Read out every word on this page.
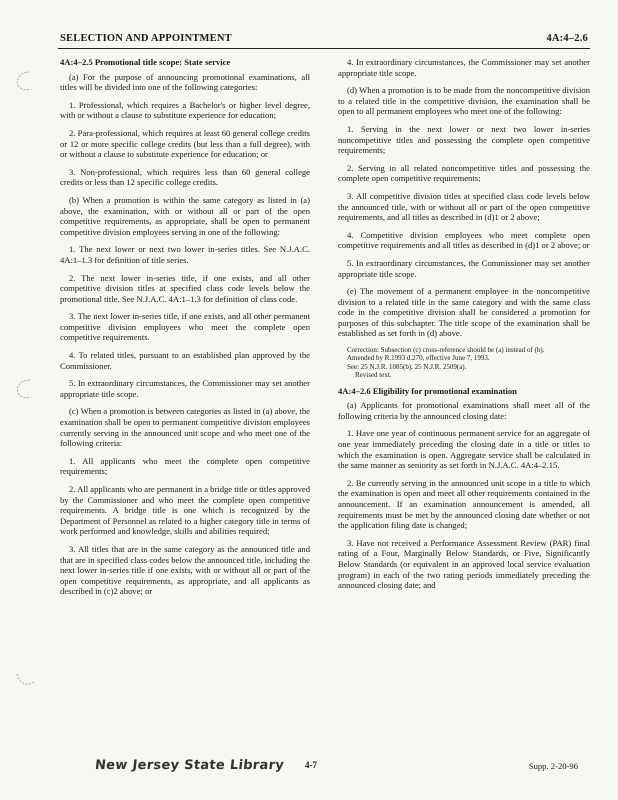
SELECTION AND APPOINTMENT	4A:4–2.6

4A:4–2.5 Promotional title scope: State service

(a) For the purpose of announcing promotional examinations, all titles will be divided into one of the following categories:

1. Professional, which requires a Bachelor's or higher level degree, with or without a clause to substitute experience for education;

2. Para-professional, which requires at least 60 general college credits or 12 or more specific college credits (but less than a full degree), with or without a clause to substitute experience for education; or

3. Non-professional, which requires less than 60 general college credits or less than 12 specific college credits.

(b) When a promotion is within the same category as listed in (a) above, the examination, with or without all or part of the open competitive requirements, as appropriate, shall be open to permanent competitive division employees serving in one of the following:

1. The next lower or next two lower in-series titles. See N.J.A.C. 4A:1–1.3 for definition of title series.

2. The next lower in-series title, if one exists, and all other competitive division titles at specified class code levels below the promotional title. See N.J.A.C. 4A:1–1.3 for definition of class code.

3. The next lower in-series title, if one exists, and all other permanent competitive division employees who meet the complete open competitive requirements.

4. To related titles, pursuant to an established plan approved by the Commissioner.

5. In extraordinary circumstances, the Commissioner may set another appropriate title scope.

(c) When a promotion is between categories as listed in (a) above, the examination shall be open to permanent competitive division employees currently serving in the announced unit scope and who meet one of the following criteria:

1. All applicants who meet the complete open competitive requirements;

2. All applicants who are permanent in a bridge title or titles approved by the Commissioner and who meet the complete open competitive requirements. A bridge title is one which is recognized by the Department of Personnel as related to a higher category title in terms of work performed and knowledge, skills and abilities required;

3. All titles that are in the same category as the announced title and that are in specified class codes below the announced title, including the next lower in-series title if one exists, with or without all or part of the open competitive requirements, as appropriate, and all applicants as described in (c)2 above; or

4. In extraordinary circumstances, the Commissioner may set another appropriate title scope.

(d) When a promotion is to be made from the noncompetitive division to a related title in the competitive division, the examination shall be open to all permanent employees who meet one of the following:

1. Serving in the next lower or next two lower in-series noncompetitive titles and possessing the complete open competitive requirements;

2. Serving in all related noncompetitive titles and possessing the complete open competitive requirements;

3. All competitive division titles at specified class code levels below the announced title, with or without all or part of the open competitive requirements, and all titles as described in (d)1 or 2 above;

4. Competitive division employees who meet complete open competitive requirements and all titles as described in (d)1 or 2 above; or

5. In extraordinary circumstances, the Commissioner may set another appropriate title scope.

(e) The movement of a permanent employee in the noncompetitive division to a related title in the same category and with the same class code in the competitive division shall be considered a promotion for purposes of this subchapter. The title scope of the examination shall be established as set forth in (d) above.

Correction: Subsection (c) cross-reference should be (a) instead of (b).
Amended by R.1993 d.270, effective June 7, 1993.
See: 25 N.J.R. 1085(b), 25 N.J.R. 2509(a).

Revised text.

4A:4–2.6 Eligibility for promotional examination

(a) Applicants for promotional examinations shall meet all of the following criteria by the announced closing date:

1. Have one year of continuous permanent service for an aggregate of one year immediately preceding the closing date in a title or titles to which the examination is open. Aggregate service shall be calculated in the same manner as seniority as set forth in N.J.A.C. 4A:4–2.15.

2. Be currently serving in the announced unit scope in a title to which the examination is open and meet all other requirements contained in the announcement. If an examination announcement is amended, all requirements must be met by the announced closing date whether or not the application filing date is changed;

3. Have not received a Performance Assessment Review (PAR) final rating of a Four, Marginally Below Standards, or Five, Significantly Below Standards (or equivalent in an approved local service evaluation program) in each of the two rating periods immediately preceding the announced closing date; and

New Jersey State Library 4-7	Supp. 2-20-96
